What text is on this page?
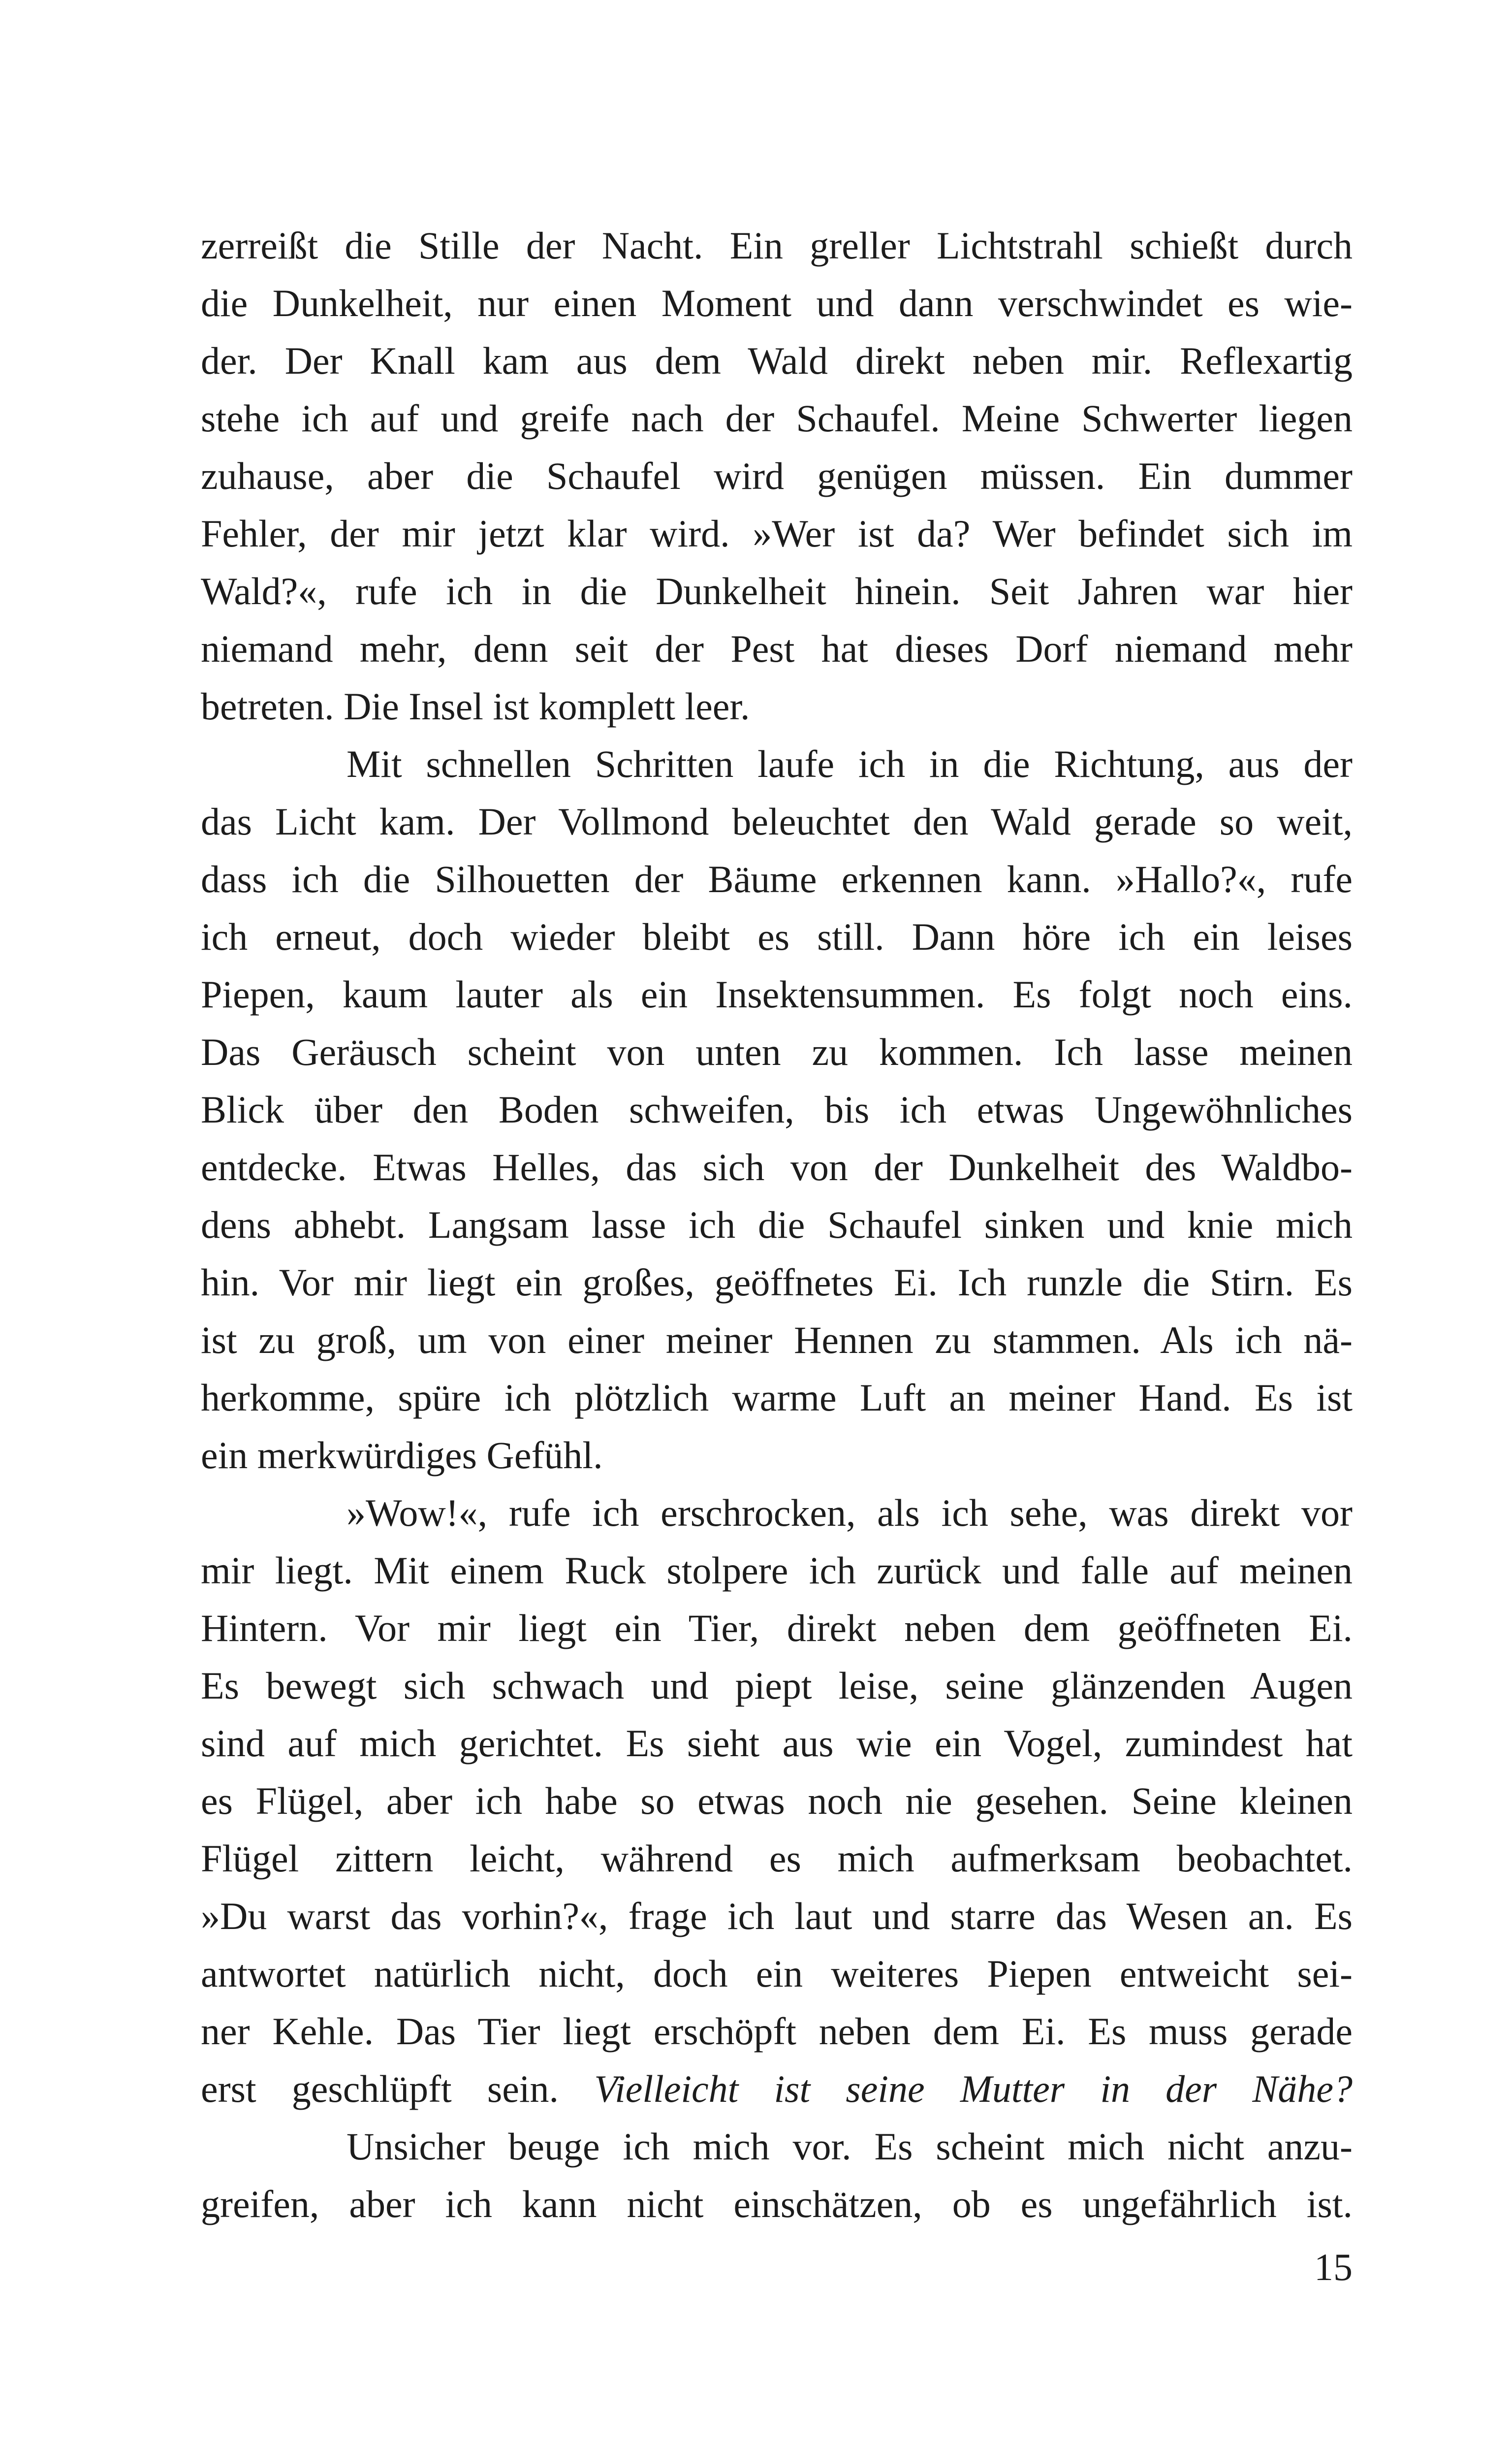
zerreißt die Stille der Nacht. Ein greller Lichtstrahl schießt durch
die Dunkelheit, nur einen Moment und dann verschwindet es wie-
der. Der Knall kam aus dem Wald direkt neben mir. Reflexartig
stehe ich auf und greife nach der Schaufel. Meine Schwerter liegen
zuhause, aber die Schaufel wird genügen müssen. Ein dummer
Fehler, der mir jetzt klar wird. »Wer ist da? Wer befindet sich im
Wald?«, rufe ich in die Dunkelheit hinein. Seit Jahren war hier
niemand mehr, denn seit der Pest hat dieses Dorf niemand mehr
betreten. Die Insel ist komplett leer.
Mit schnellen Schritten laufe ich in die Richtung, aus der
das Licht kam. Der Vollmond beleuchtet den Wald gerade so weit,
dass ich die Silhouetten der Bäume erkennen kann. »Hallo?«, rufe
ich erneut, doch wieder bleibt es still. Dann höre ich ein leises
Piepen, kaum lauter als ein Insektensummen. Es folgt noch eins.
Das Geräusch scheint von unten zu kommen. Ich lasse meinen
Blick über den Boden schweifen, bis ich etwas Ungewöhnliches
entdecke. Etwas Helles, das sich von der Dunkelheit des Waldbo-
dens abhebt. Langsam lasse ich die Schaufel sinken und knie mich
hin. Vor mir liegt ein großes, geöffnetes Ei. Ich runzle die Stirn. Es
ist zu groß, um von einer meiner Hennen zu stammen. Als ich nä-
herkomme, spüre ich plötzlich warme Luft an meiner Hand. Es ist
ein merkwürdiges Gefühl.
»Wow!«, rufe ich erschrocken, als ich sehe, was direkt vor
mir liegt. Mit einem Ruck stolpere ich zurück und falle auf meinen
Hintern. Vor mir liegt ein Tier, direkt neben dem geöffneten Ei.
Es bewegt sich schwach und piept leise, seine glänzenden Augen
sind auf mich gerichtet. Es sieht aus wie ein Vogel, zumindest hat
es Flügel, aber ich habe so etwas noch nie gesehen. Seine kleinen
Flügel zittern leicht, während es mich aufmerksam beobachtet.
»Du warst das vorhin?«, frage ich laut und starre das Wesen an. Es
antwortet natürlich nicht, doch ein weiteres Piepen entweicht sei-
ner Kehle. Das Tier liegt erschöpft neben dem Ei. Es muss gerade
erst geschlüpft sein. Vielleicht ist seine Mutter in der Nähe?
Unsicher beuge ich mich vor. Es scheint mich nicht anzu-
greifen, aber ich kann nicht einschätzen, ob es ungefährlich ist.
15
